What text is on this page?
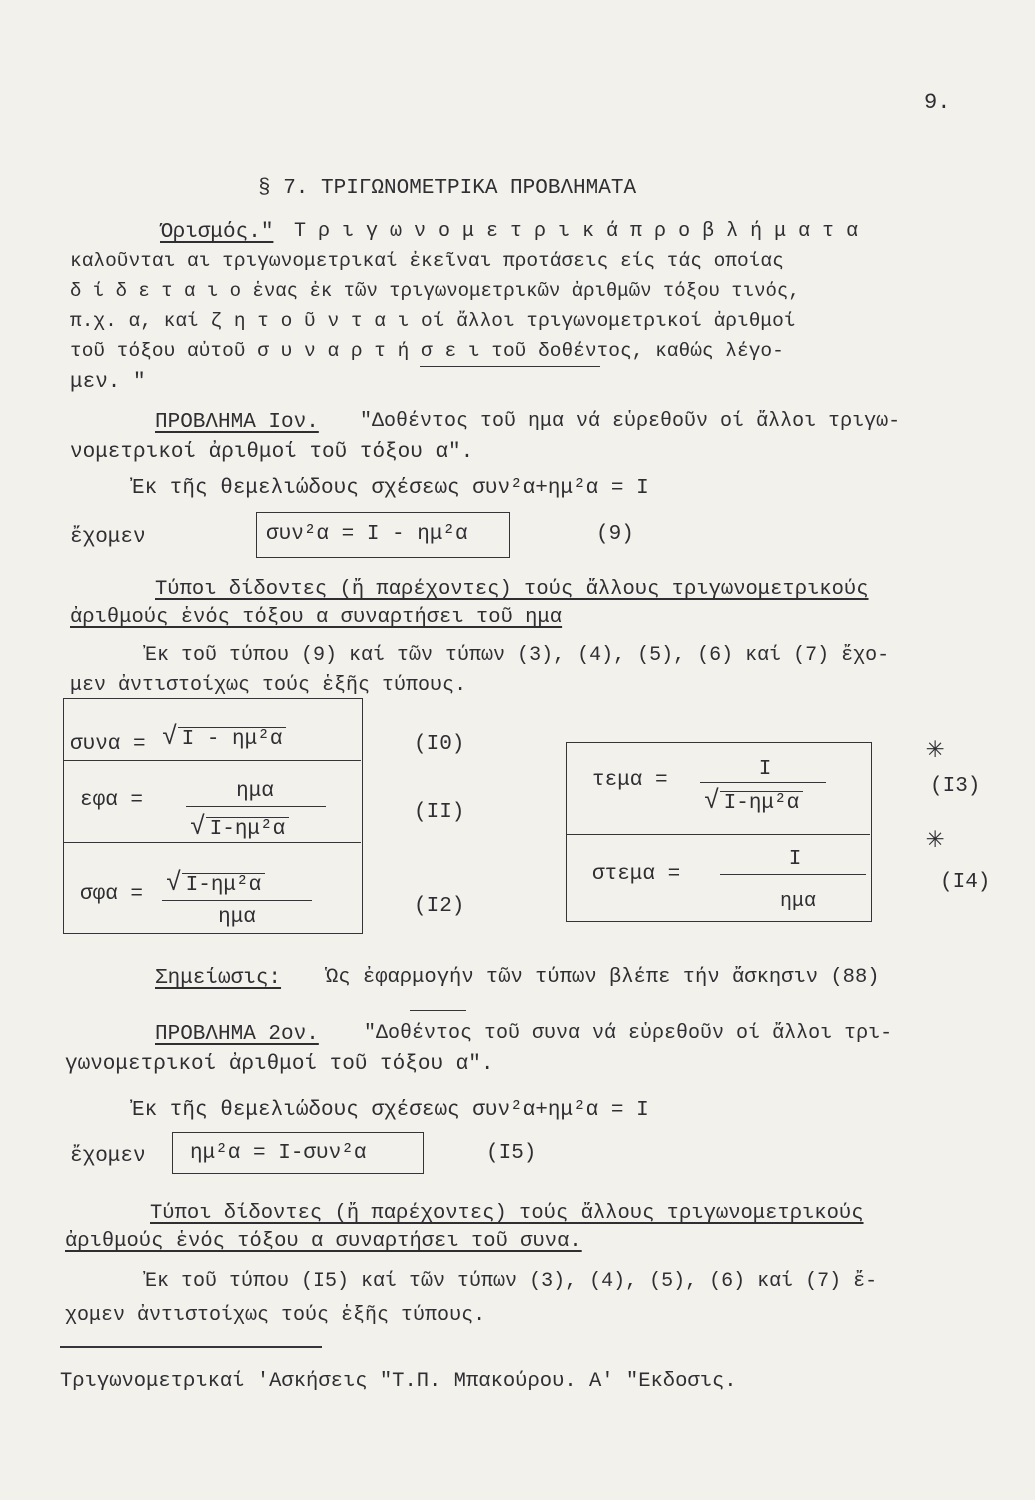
9.
§ 7. ΤΡΙΓΩΝΟΜΕΤΡΙΚΑ ΠΡΟΒΛΗΜΑΤΑ
Όρισμός." Τ ρ ι γ ω ν ο μ ε τ ρ ι κ ά π ρ ο β λ ή μ α τ α
καλοῦνται αι τριγωνομετρικαί ἐκεῖναι προτάσεις είς τάς οποίας
δ ί δ ε τ α ι ο ἑνας ἐκ τῶν τριγωνομετρικῶν ἀριθμῶν τόξου τινός,
π.χ. α, καί ζ η τ ο ῦ ν τ α ι οί ἄλλοι τριγωνομετρικοί ἀριθμοί
τοῦ τόξου αὐτοῦ σ υ ν α ρ τ ή σ ε ι τοῦ δοθέντος, καθώς λέγο-
μεν. "
ΠΡΟΒΛΗΜΑ Ιον. "Δοθέντος τοῦ ημα νά εὑρεθοῦν οί ἄλλοι τριγω-
νομετρικοί ἀριθμοί τοῦ τόξου α".
Ἐκ τῆς θεμελιώδους σχέσεως συν²α+ημ²α = Ι
ἔχομεν	συν²α = Ι - ημ²α	(9)
Τύποι δίδοντες (ἤ παρέχοντες) τούς ἄλλους τριγωνομετρικούς
ἀριθμούς ἑνός τόξου α συναρτήσει τοῦ ημα
Ἐκ τοῦ τύπου (9) καί τῶν τύπων (3), (4), (5), (6) καί (7) ἔχο-
μεν ἀντιστοίχως τούς ἑξῆς τύπους.
συνα = √ Ι - ημ²α	(Ι0)
εφα =	ημα
√ Ι-ημ²α
(ΙΙ)
σφα = √ Ι-ημ²α
ημα	(Ι2)
τεμα =	Ι
√ Ι-ημ²α
(Ι3)
✳
στεμα =
Ι
ημα
(Ι4)
✳
Σημείωσις: Ὡς ἐφαρμογήν τῶν τύπων βλέπε τήν ἄσκησιν (88)
ΠΡΟΒΛΗΜΑ 2ον. "Δοθέντος τοῦ συνα νά εὑρεθοῦν οί ἄλλοι τρι-
γωνομετρικοί ἀριθμοί τοῦ τόξου α".
Ἐκ τῆς θεμελιώδους σχέσεως συν²α+ημ²α = Ι
ἔχομεν ημ²α = Ι-συν²α	(Ι5)
Τύποι δίδοντες (ἤ παρέχοντες) τούς ἄλλους τριγωνομετρικούς
ἀριθμούς ἑνός τόξου α συναρτήσει τοῦ συνα.
Ἐκ τοῦ τύπου (Ι5) καί τῶν τύπων (3), (4), (5), (6) καί (7) ἔ-
χομεν ἀντιστοίχως τούς ἑξῆς τύπους.
Τριγωνομετρικαί 'Ασκήσεις "Τ.Π. Μπακούρου. Α' "Εκδοσις.
